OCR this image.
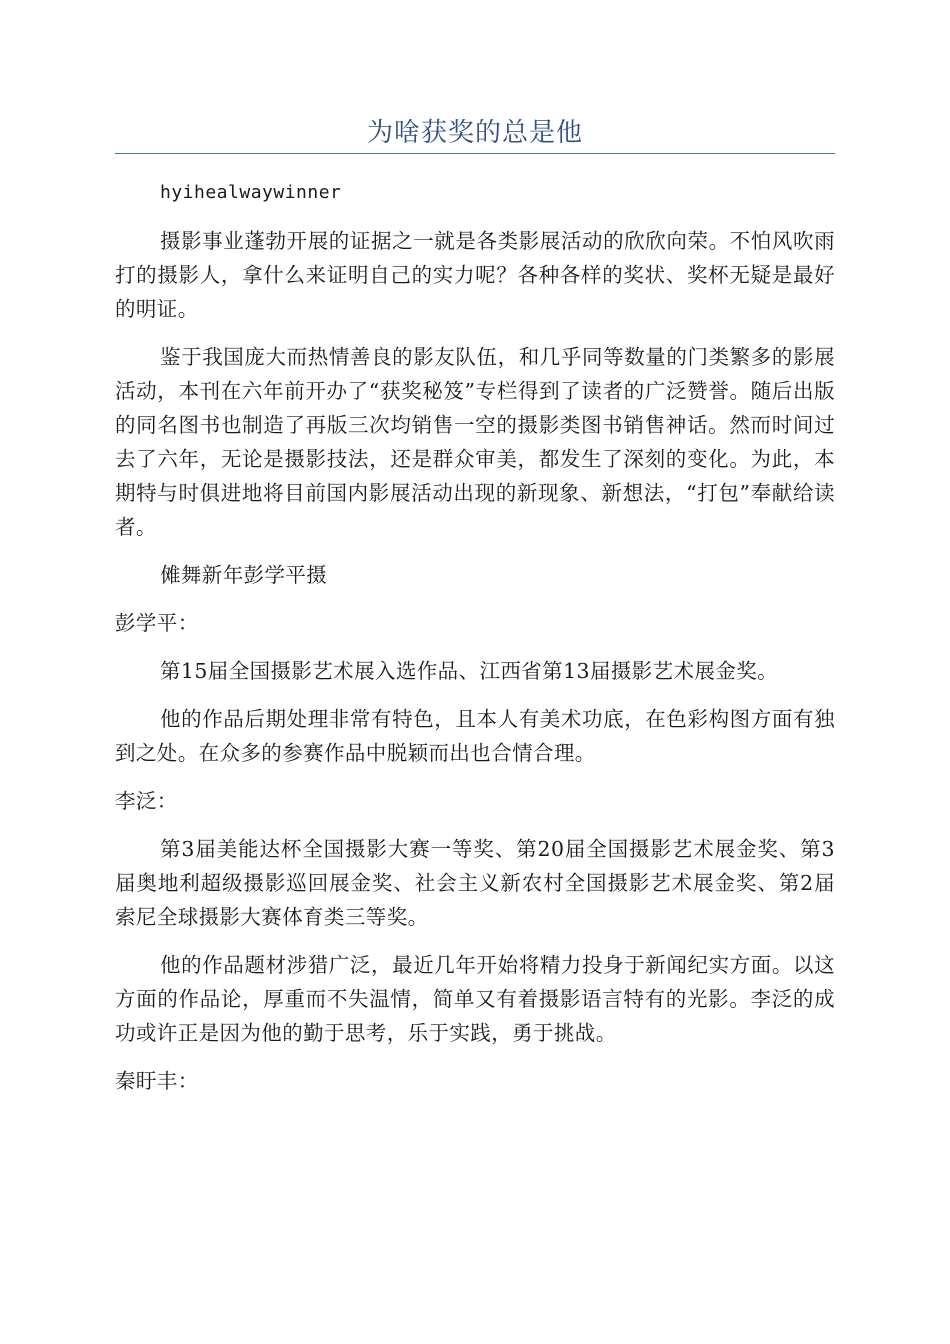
为啥获奖的总是他

hyihealwaywinner

摄影事业蓬勃开展的证据之一就是各类影展活动的欣欣向荣。不怕风吹雨打的摄影人，拿什么来证明自己的实力呢？各种各样的奖状、奖杯无疑是最好的明证。

鉴于我国庞大而热情善良的影友队伍，和几乎同等数量的门类繁多的影展活动，本刊在六年前开办了“获奖秘笈”专栏得到了读者的广泛赞誉。随后出版的同名图书也制造了再版三次均销售一空的摄影类图书销售神话。然而时间过去了六年，无论是摄影技法，还是群众审美，都发生了深刻的变化。为此，本期特与时俱进地将目前国内影展活动出现的新现象、新想法，“打包”奉献给读者。

傩舞新年彭学平摄

彭学平：

第15届全国摄影艺术展入选作品、江西省第13届摄影艺术展金奖。

他的作品后期处理非常有特色，且本人有美术功底，在色彩构图方面有独到之处。在众多的参赛作品中脱颖而出也合情合理。

李泛：

第3届美能达杯全国摄影大赛一等奖、第20届全国摄影艺术展金奖、第3届奥地利超级摄影巡回展金奖、社会主义新农村全国摄影艺术展金奖、第2届索尼全球摄影大赛体育类三等奖。

他的作品题材涉猎广泛，最近几年开始将精力投身于新闻纪实方面。以这方面的作品论，厚重而不失温情，简单又有着摄影语言特有的光影。李泛的成功或许正是因为他的勤于思考，乐于实践，勇于挑战。

秦盱丰：
